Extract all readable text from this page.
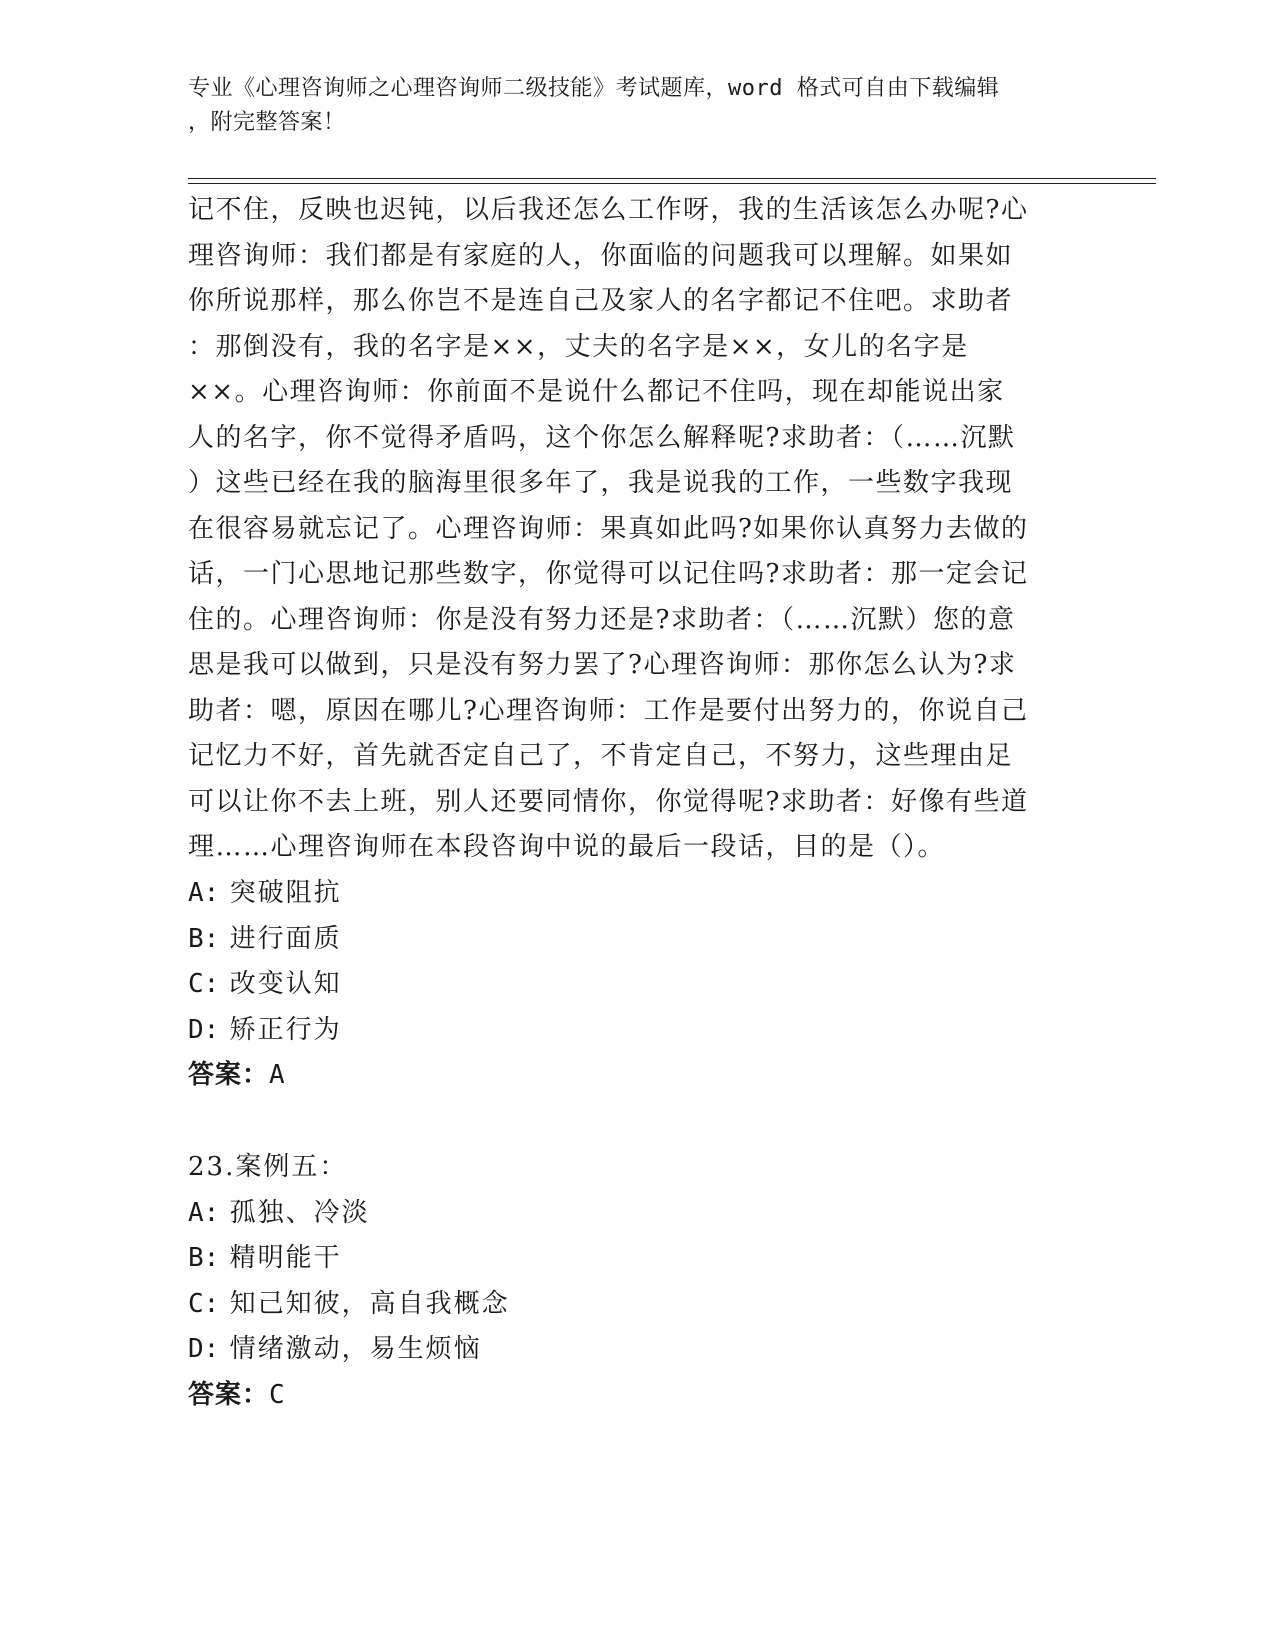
专业《心理咨询师之心理咨询师二级技能》考试题库，word 格式可自由下载编辑
，附完整答案！
记不住，反映也迟钝，以后我还怎么工作呀，我的生活该怎么办呢?心
理咨询师：我们都是有家庭的人，你面临的问题我可以理解。如果如
你所说那样，那么你岂不是连自己及家人的名字都记不住吧。求助者
：那倒没有，我的名字是××，丈夫的名字是××，女儿的名字是
××。心理咨询师：你前面不是说什么都记不住吗，现在却能说出家
人的名字，你不觉得矛盾吗，这个你怎么解释呢?求助者：（……沉默
）这些已经在我的脑海里很多年了，我是说我的工作，一些数字我现
在很容易就忘记了。心理咨询师：果真如此吗?如果你认真努力去做的
话，一门心思地记那些数字，你觉得可以记住吗?求助者：那一定会记
住的。心理咨询师：你是没有努力还是?求助者：（……沉默）您的意
思是我可以做到，只是没有努力罢了?心理咨询师：那你怎么认为?求
助者：嗯，原因在哪儿?心理咨询师：工作是要付出努力的，你说自己
记忆力不好，首先就否定自己了，不肯定自己，不努力，这些理由足
可以让你不去上班，别人还要同情你，你觉得呢?求助者：好像有些道
理……心理咨询师在本段咨询中说的最后一段话，目的是（）。
A: 突破阻抗
B: 进行面质
C: 改变认知
D: 矫正行为
答案：A
23.案例五：
A: 孤独、冷淡
B: 精明能干
C: 知己知彼，高自我概念
D: 情绪激动，易生烦恼
答案：C
